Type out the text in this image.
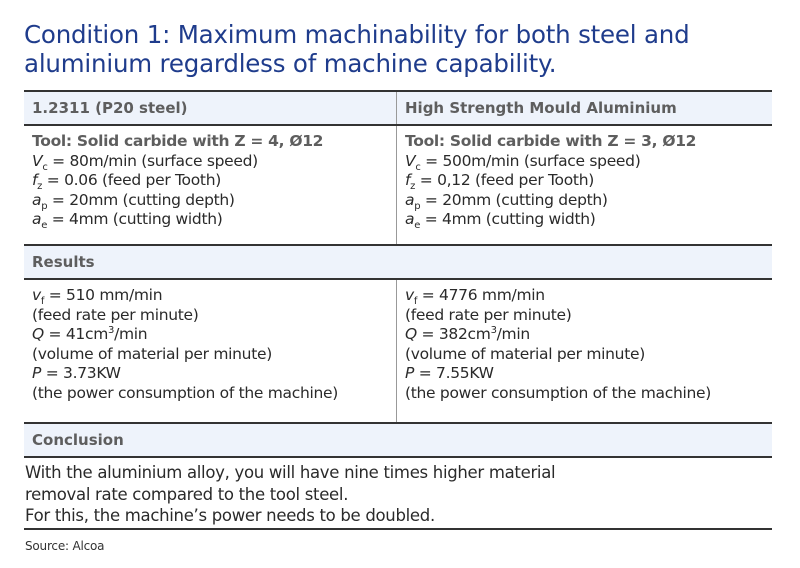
Condition 1: Maximum machinability for both steel and
aluminium regardless of machine capability.
1.2311 (P20 steel)	High Strength Mould Aluminium
Tool: Solid carbide with Z = 4, Ø12
$V_c = 80m/\min$ (surface speed)
$f_z = 0.06$ (feed per Tooth)
$a_p = 20mm$ (cutting depth)
$a_e = 4mm$ (cutting width)
Tool: Solid carbide with Z = 3, Ø12
$V_c = 500m/\min$ (surface speed)
$f_z = 0,12$ (feed per Tooth)
$a_p = 20mm$ (cutting depth)
$a_e = 4mm$ (cutting width)
Results
$v_f = 510$ mm/min
(feed rate per minute)
$Q = 41cm^3/\min$
(volume of material per minute)
P = 3.73KW
(the power consumption of the machine)
$v_f = 4776$ mm/min
(feed rate per minute)
$Q = 382cm^3/\min$
(volume of material per minute)
P = 7.55KW
(the power consumption of the machine)
Conclusion
With the aluminium alloy, you will have nine times higher material
removal rate compared to the tool steel.
For this, the machine’s power needs to be doubled.
Source: Alcoa
